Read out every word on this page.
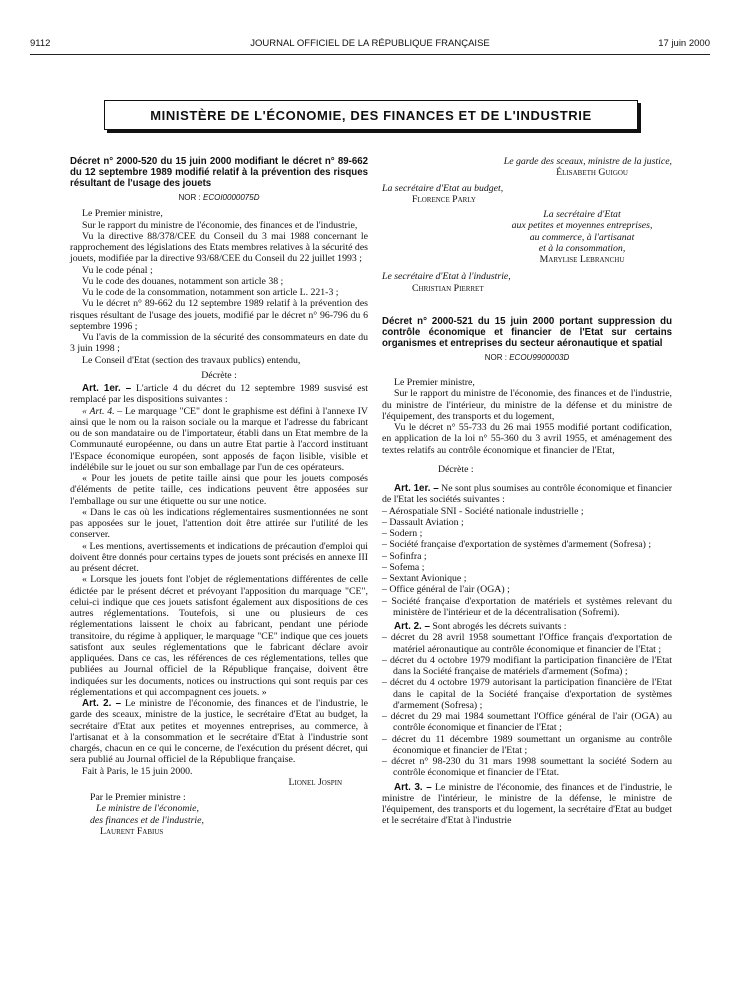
9112	JOURNAL OFFICIEL DE LA RÉPUBLIQUE FRANÇAISE	17 juin 2000
MINISTÈRE DE L'ÉCONOMIE, DES FINANCES ET DE L'INDUSTRIE
Décret n° 2000-520 du 15 juin 2000 modifiant le décret n° 89-662 du 12 septembre 1989 modifié relatif à la prévention des risques résultant de l'usage des jouets
NOR : ECOI0000075D

Le Premier ministre,

Sur le rapport du ministre de l'économie, des finances et de l'industrie,

Vu la directive 88/378/CEE du Conseil du 3 mai 1988 concernant le rapprochement des législations des Etats membres relatives à la sécurité des jouets, modifiée par la directive 93/68/CEE du Conseil du 22 juillet 1993 ;

Vu le code pénal ;

Vu le code des douanes, notamment son article 38 ;

Vu le code de la consommation, notamment son article L. 221-3 ;

Vu le décret n° 89-662 du 12 septembre 1989 relatif à la prévention des risques résultant de l'usage des jouets, modifié par le décret n° 96-796 du 6 septembre 1996 ;

Vu l'avis de la commission de la sécurité des consommateurs en date du 3 juin 1998 ;

Le Conseil d'Etat (section des travaux publics) entendu,

Décrète :

Art. 1er. – L'article 4 du décret du 12 septembre 1989 susvisé est remplacé par les dispositions suivantes :

« Art. 4. – Le marquage "CE" dont le graphisme est défini à l'annexe IV ainsi que le nom ou la raison sociale ou la marque et l'adresse du fabricant ou de son mandataire ou de l'importateur, établi dans un Etat membre de la Communauté européenne, ou dans un autre Etat partie à l'accord instituant l'Espace économique européen, sont apposés de façon lisible, visible et indélébile sur le jouet ou sur son emballage par l'un de ces opérateurs.

« Pour les jouets de petite taille ainsi que pour les jouets composés d'éléments de petite taille, ces indications peuvent être apposées sur l'emballage ou sur une étiquette ou sur une notice.

« Dans le cas où les indications réglementaires susmentionnées ne sont pas apposées sur le jouet, l'attention doit être attirée sur l'utilité de les conserver.

« Les mentions, avertissements et indications de précaution d'emploi qui doivent être donnés pour certains types de jouets sont précisés en annexe III au présent décret.

« Lorsque les jouets font l'objet de réglementations différentes de celle édictée par le présent décret et prévoyant l'apposition du marquage "CE", celui-ci indique que ces jouets satisfont également aux dispositions de ces autres réglementations. Toutefois, si une ou plusieurs de ces réglementations laissent le choix au fabricant, pendant une période transitoire, du régime à appliquer, le marquage "CE" indique que ces jouets satisfont aux seules réglementations que le fabricant déclare avoir appliquées. Dans ce cas, les références de ces réglementations, telles que publiées au Journal officiel de la République française, doivent être indiquées sur les documents, notices ou instructions qui sont requis par ces réglementations et qui accompagnent ces jouets. »

Art. 2. – Le ministre de l'économie, des finances et de l'industrie, le garde des sceaux, ministre de la justice, le secrétaire d'Etat au budget, la secrétaire d'Etat aux petites et moyennes entreprises, au commerce, à l'artisanat et à la consommation et le secrétaire d'Etat à l'industrie sont chargés, chacun en ce qui le concerne, de l'exécution du présent décret, qui sera publié au Journal officiel de la République française.

Fait à Paris, le 15 juin 2000.

Lionel Jospin
Par le Premier ministre :
Le ministre de l'économie,
des finances et de l'industrie,
Laurent Fabius
Le garde des sceaux, ministre de la justice,
Élisabeth Guigou
La secrétaire d'Etat au budget,
Florence Parly
La secrétaire d'Etat
aux petites et moyennes entreprises,
au commerce, à l'artisanat
et à la consommation,
Marylise Lebranchu
Le secrétaire d'Etat à l'industrie,
Christian Pierret
Décret n° 2000-521 du 15 juin 2000 portant suppression du contrôle économique et financier de l'Etat sur certains organismes et entreprises du secteur aéronautique et spatial
NOR : ECOU9900003D

Le Premier ministre,

Sur le rapport du ministre de l'économie, des finances et de l'industrie, du ministre de l'intérieur, du ministre de la défense et du ministre de l'équipement, des transports et du logement,

Vu le décret n° 55-733 du 26 mai 1955 modifié portant codification, en application de la loi n° 55-360 du 3 avril 1955, et aménagement des textes relatifs au contrôle économique et financier de l'Etat,

Décrète :

Art. 1er. – Ne sont plus soumises au contrôle économique et financier de l'Etat les sociétés suivantes :

– Aérospatiale SNI - Société nationale industrielle ;
– Dassault Aviation ;
– Sodern ;
– Société française d'exportation de systèmes d'armement (Sofresa) ;
– Sofinfra ;
– Sofema ;
– Sextant Avionique ;
– Office général de l'air (OGA) ;
– Société française d'exportation de matériels et systèmes relevant du ministère de l'intérieur et de la décentralisation (Sofremi).

Art. 2. – Sont abrogés les décrets suivants :

– décret du 28 avril 1958 soumettant l'Office français d'exportation de matériel aéronautique au contrôle économique et financier de l'Etat ;
– décret du 4 octobre 1979 modifiant la participation financière de l'Etat dans la Société française de matériels d'armement (Sofma) ;
– décret du 4 octobre 1979 autorisant la participation financière de l'Etat dans le capital de la Société française d'exportation de systèmes d'armement (Sofresa) ;
– décret du 29 mai 1984 soumettant l'Office général de l'air (OGA) au contrôle économique et financier de l'Etat ;
– décret du 11 décembre 1989 soumettant un organisme au contrôle économique et financier de l'Etat ;
– décret n° 98-230 du 31 mars 1998 soumettant la société Sodern au contrôle économique et financier de l'Etat.

Art. 3. – Le ministre de l'économie, des finances et de l'industrie, le ministre de l'intérieur, le ministre de la défense, le ministre de l'équipement, des transports et du logement, la secrétaire d'Etat au budget et le secrétaire d'Etat à l'industrie
